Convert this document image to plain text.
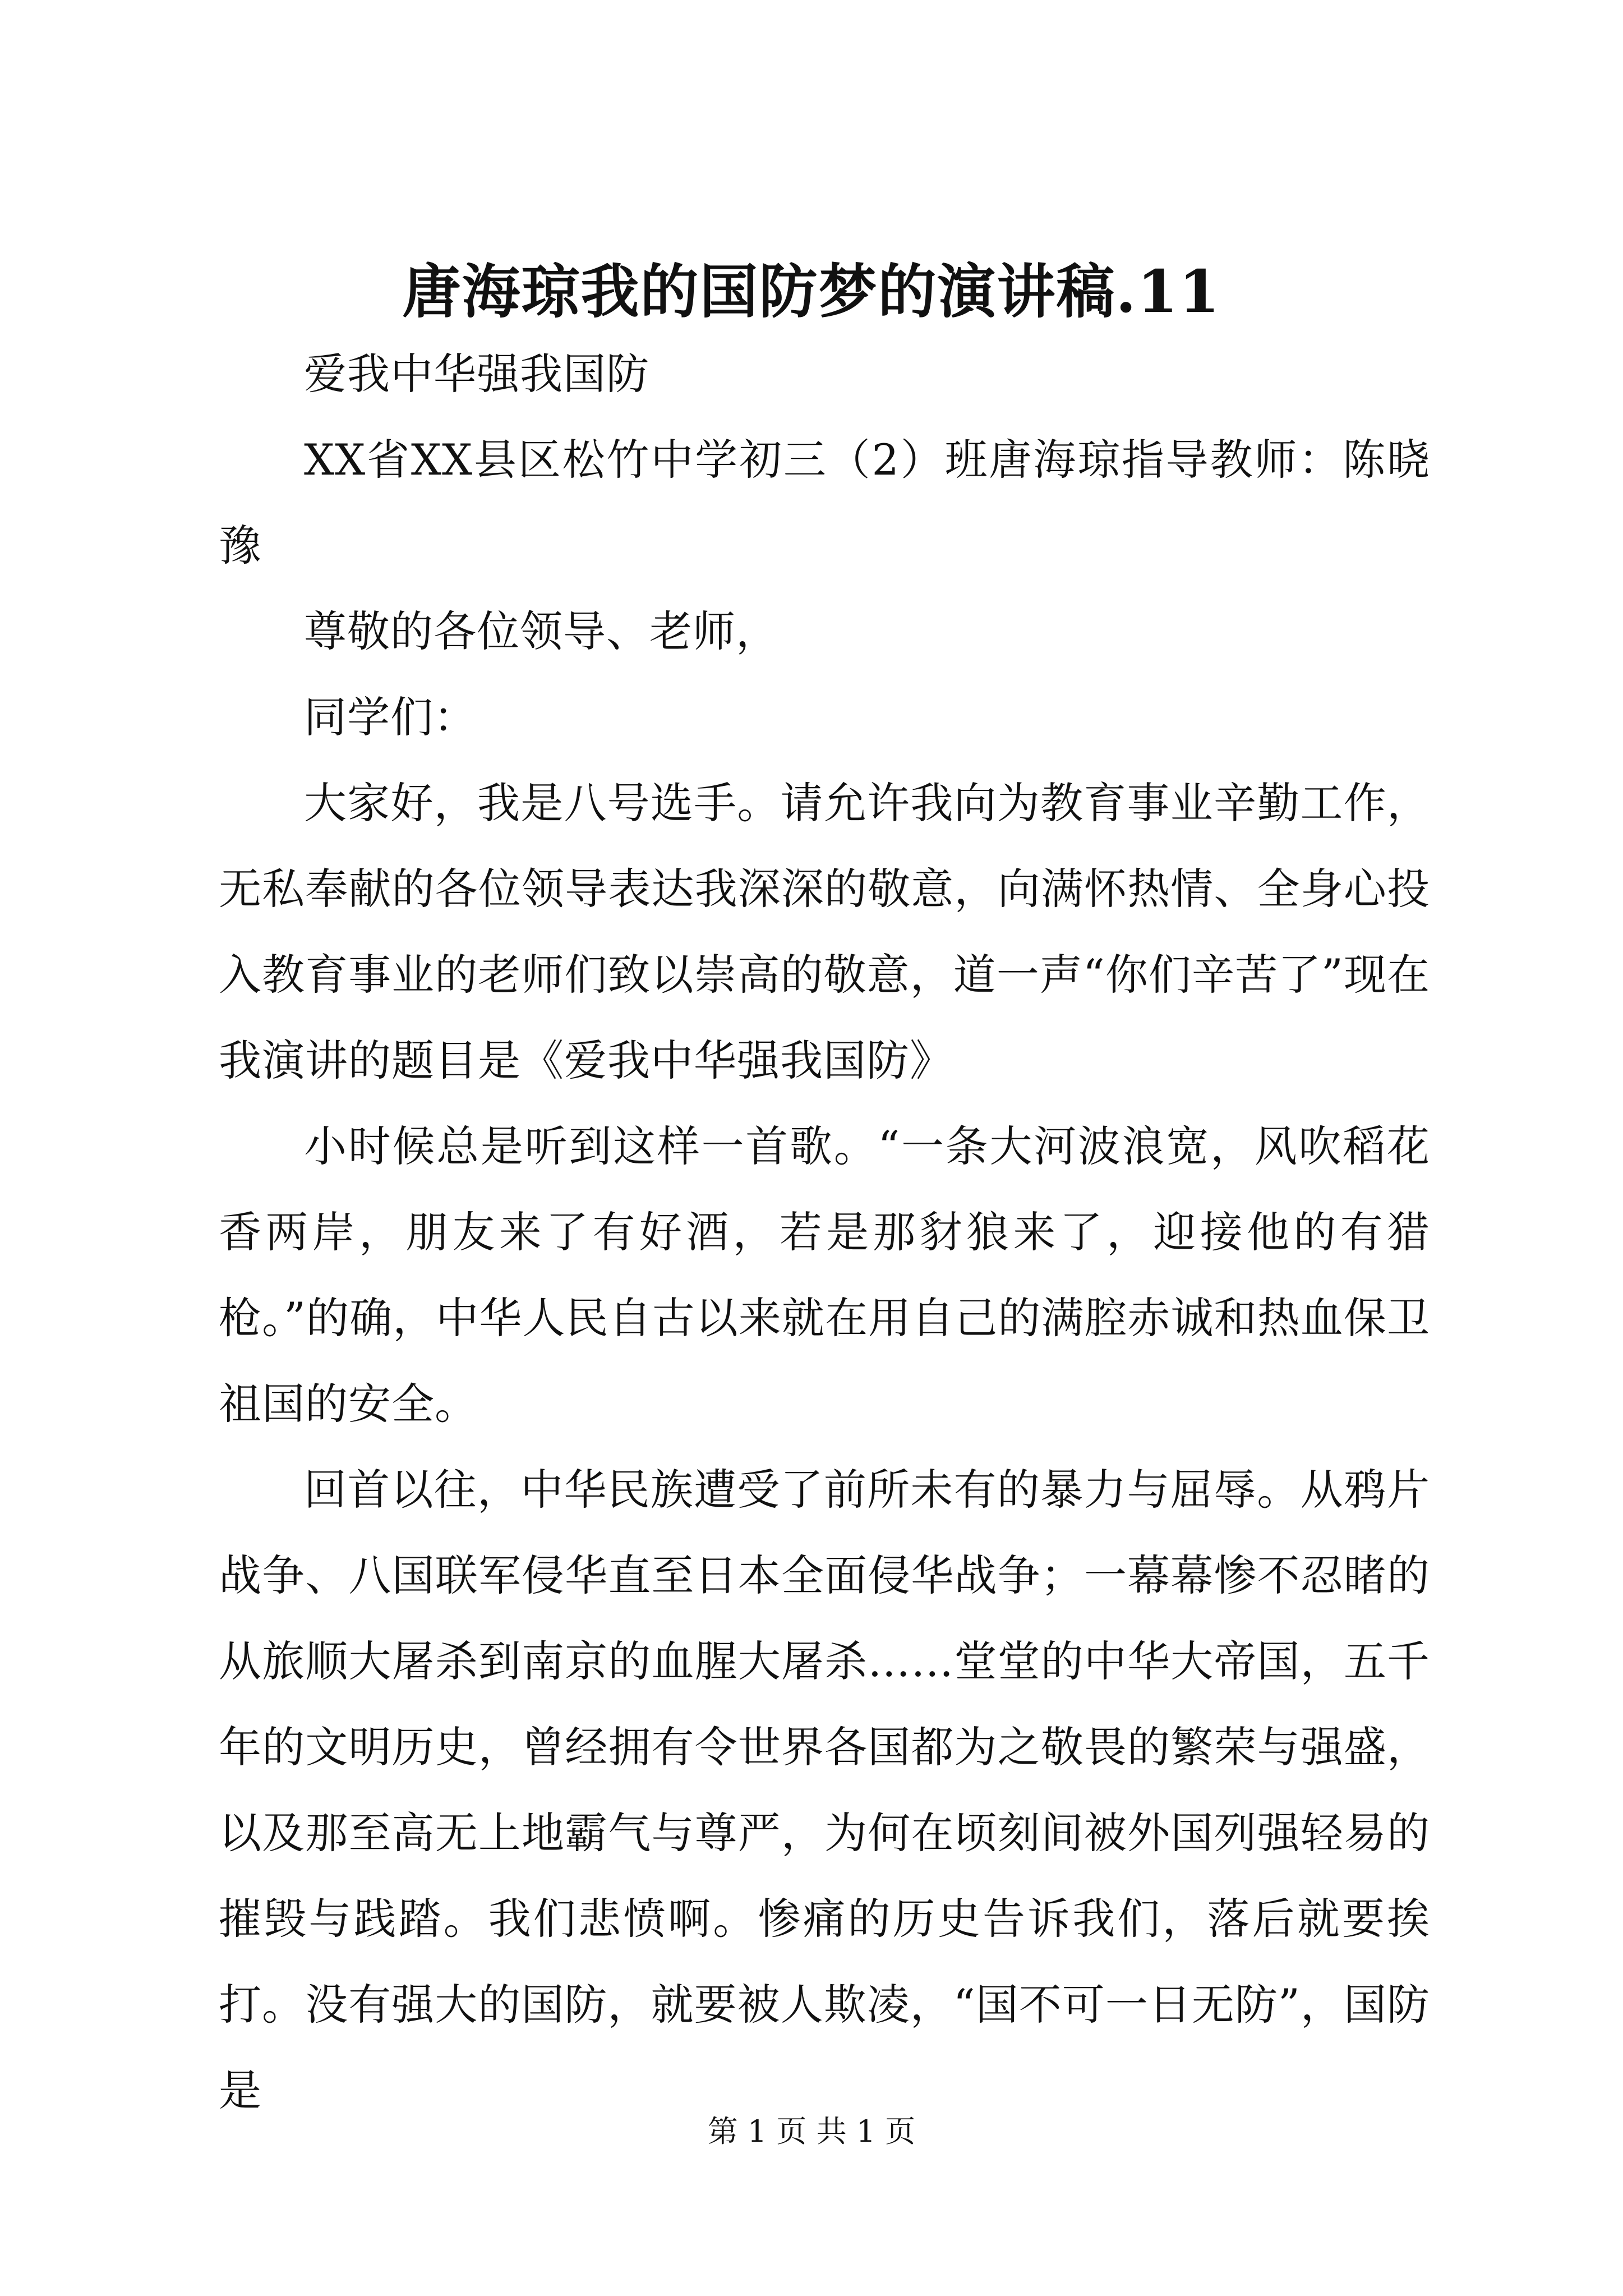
唐海琼我的国防梦的演讲稿.11

爱我中华强我国防

XX省XX县区松竹中学初三（2）班唐海琼指导教师：陈晓豫

尊敬的各位领导、老师，

同学们：

大家好，我是八号选手。请允许我向为教育事业辛勤工作，无私奉献的各位领导表达我深深的敬意，向满怀热情、全身心投入教育事业的老师们致以崇高的敬意，道一声“你们辛苦了”现在我演讲的题目是《爱我中华强我国防》

小时候总是听到这样一首歌。“一条大河波浪宽，风吹稻花香两岸，朋友来了有好酒，若是那豺狼来了，迎接他的有猎枪。”的确，中华人民自古以来就在用自己的满腔赤诚和热血保卫祖国的安全。

回首以往，中华民族遭受了前所未有的暴力与屈辱。从鸦片战争、八国联军侵华直至日本全面侵华战争；一幕幕惨不忍睹的从旅顺大屠杀到南京的血腥大屠杀……堂堂的中华大帝国，五千年的文明历史，曾经拥有令世界各国都为之敬畏的繁荣与强盛，以及那至高无上地霸气与尊严，为何在顷刻间被外国列强轻易的摧毁与践踏。我们悲愤啊。惨痛的历史告诉我们，落后就要挨打。没有强大的国防，就要被人欺凌，“国不可一日无防”，国防是

第 1 页 共 1 页
